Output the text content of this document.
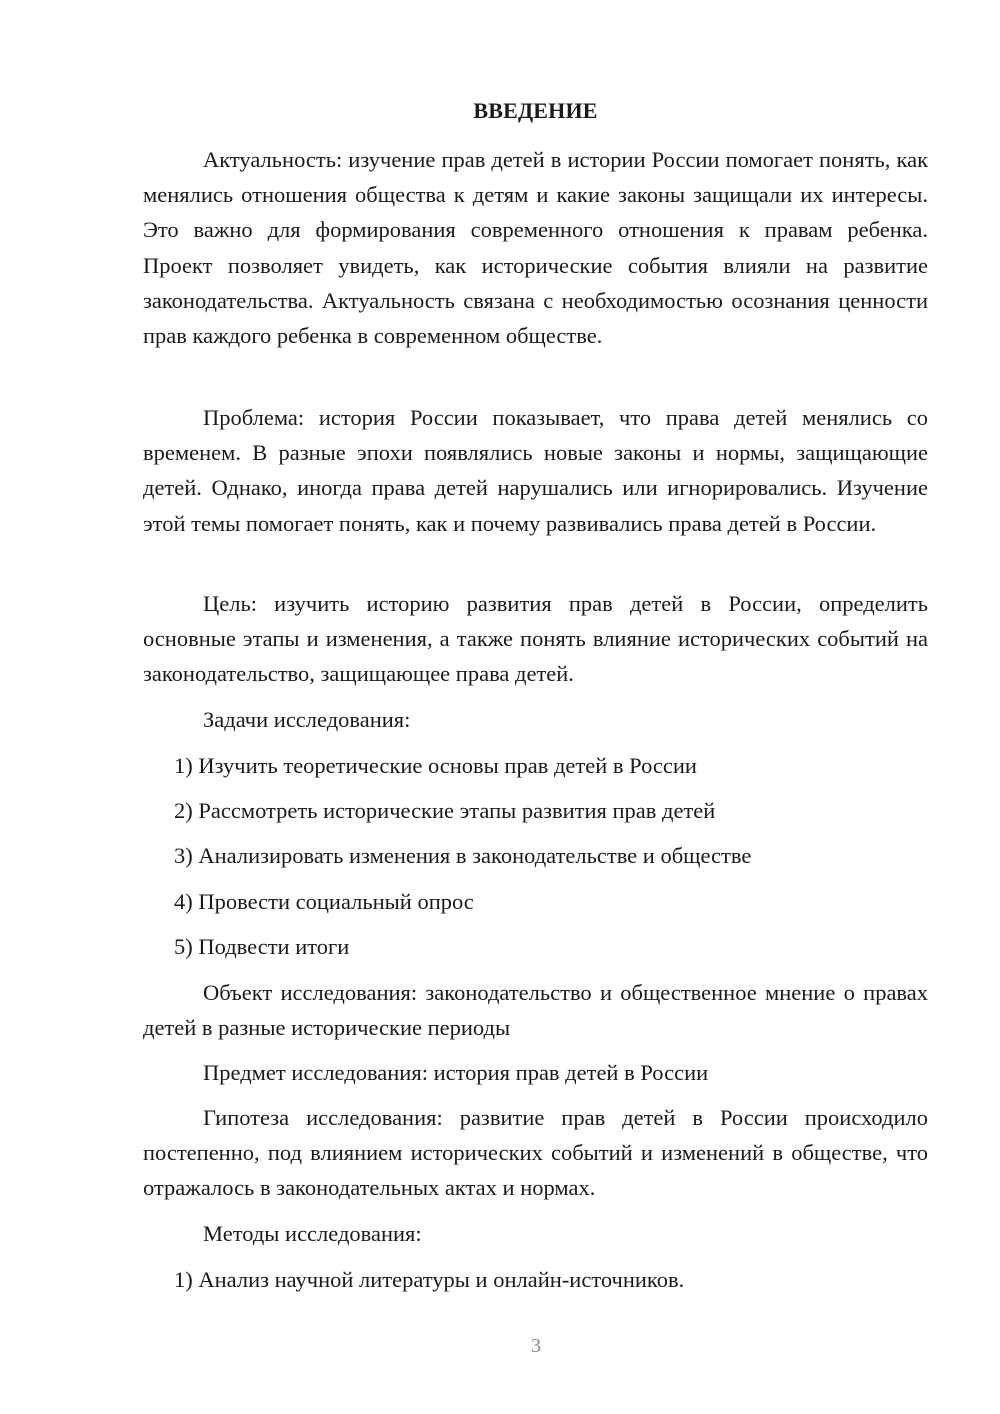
ВВЕДЕНИЕ

Актуальность: изучение прав детей в истории России помогает понять, как менялись отношения общества к детям и какие законы защищали их интересы. Это важно для формирования современного отношения к правам ребенка. Проект позволяет увидеть, как исторические события влияли на развитие законодательства. Актуальность связана с необходимостью осознания ценности прав каждого ребенка в современном обществе.

Проблема: история России показывает, что права детей менялись со временем. В разные эпохи появлялись новые законы и нормы, защищающие детей. Однако, иногда права детей нарушались или игнорировались. Изучение этой темы помогает понять, как и почему развивались права детей в России.

Цель: изучить историю развития прав детей в России, определить основные этапы и изменения, а также понять влияние исторических событий на законодательство, защищающее права детей.

Задачи исследования:

1) Изучить теоретические основы прав детей в России

2) Рассмотреть исторические этапы развития прав детей

3) Анализировать изменения в законодательстве и обществе

4) Провести социальный опрос

5) Подвести итоги

Объект исследования: законодательство и общественное мнение о правах детей в разные исторические периоды

Предмет исследования: история прав детей в России

Гипотеза исследования: развитие прав детей в России происходило постепенно, под влиянием исторических событий и изменений в обществе, что отражалось в законодательных актах и нормах.

Методы исследования:

1) Анализ научной литературы и онлайн-источников.

3
